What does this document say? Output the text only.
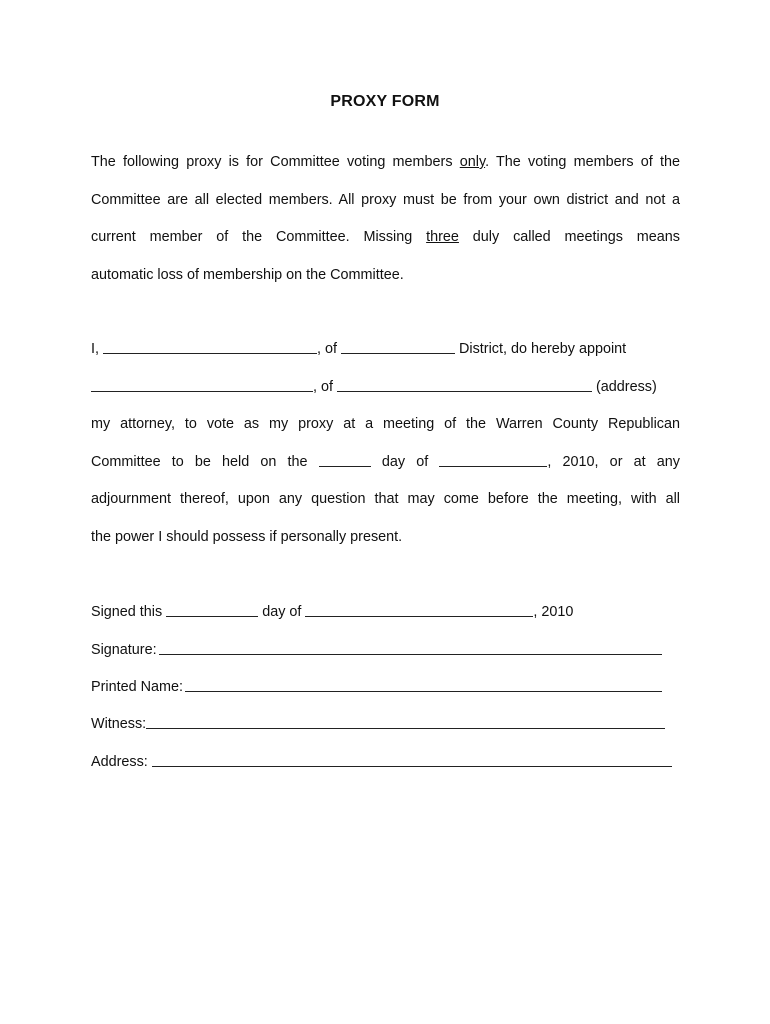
PROXY FORM
The following proxy is for Committee voting members only. The voting members of the
Committee are all elected members. All proxy must be from your own district and not a
current member of the Committee. Missing three duly called meetings means
automatic loss of membership on the Committee.
I,	, of	District, do hereby appoint
, of	(address)
my attorney, to vote as my proxy at a meeting of the Warren County Republican
Committee to be held on the	day of	, 2010, or at any
adjournment thereof, upon any question that may come before the meeting, with all
the power I should possess if personally present.
Signed this	day of	, 2010
Signature:
Printed Name:
Witness:
Address:
